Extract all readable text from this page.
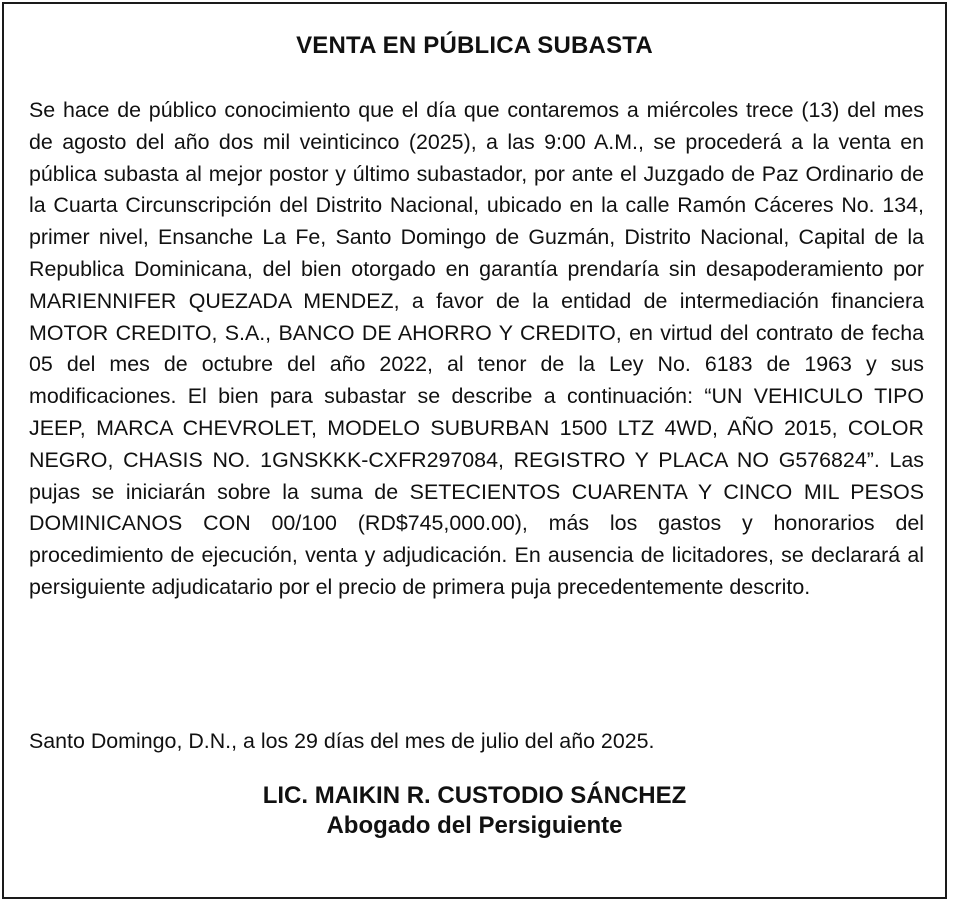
VENTA EN PÚBLICA SUBASTA

Se hace de público conocimiento que el día que contaremos a miércoles trece (13) del mes de agosto del año dos mil veinticinco (2025), a las 9:00 A.M., se procederá a la venta en pública subasta al mejor postor y último subastador, por ante el Juzgado de Paz Ordinario de la Cuarta Circunscripción del Distrito Nacional, ubicado en la calle Ramón Cáceres No. 134, primer nivel, Ensanche La Fe, Santo Domingo de Guzmán, Distrito Nacional, Capital de la Republica Dominicana, del bien otorgado en garantía prendaría sin desapoderamiento por MARIENNIFER QUEZADA MENDEZ, a favor de la entidad de intermediación financiera MOTOR CREDITO, S.A., BANCO DE AHORRO Y CREDITO, en virtud del contrato de fecha 05 del mes de octubre del año 2022, al tenor de la Ley No. 6183 de 1963 y sus modificaciones. El bien para subastar se describe a continuación: “UN VEHICULO TIPO JEEP, MARCA CHEVROLET, MODELO SUBURBAN 1500 LTZ 4WD, AÑO 2015, COLOR NEGRO, CHASIS NO. 1GNSKKK-​CXFR297084, REGISTRO Y PLACA NO G576824”. Las pujas se iniciarán sobre la suma de SETECIENTOS CUARENTA Y CINCO MIL PESOS DOMINICANOS CON 00/100 (RD$745,000.00), más los gastos y honorarios del procedimiento de ejecución, venta y adjudicación. En ausencia de licitadores, se declarará al persiguiente adjudicatario por el precio de primera puja precedentemente descrito.

Santo Domingo, D.N., a los 29 días del mes de julio del año 2025.

LIC. MAIKIN R. CUSTODIO SÁNCHEZ
Abogado del Persiguiente
